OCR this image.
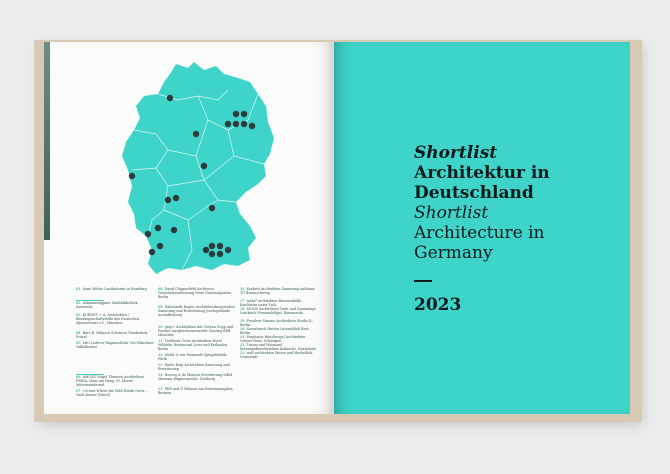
01 Isaac Weber Landratsamt in Hamburg
02 allmannwappner Stadtbibliothek Karlsruhe
03 KUEHNT + A. Architekten / Bundesgeschäftsstelle des Deutschen Alpenvereins e.V., München
04 Büro B. Pallasch Schwarze Pinakothek, Pritzel
05 LRO Lederer Ragnarsdóttir Oei Münchner Volkstheater
06 AMUNT Nagel Theissen Architekten FRIDA, Haus am Hang, St. Moritz Mitwenrenbrund
07 c.b.nies Where the Wild Words Grow ... Groß Kreutz (Havel)
08 David Chipperfield Architects Grundinstandsetzung Neue Nationalgalerie, Berlin
09 Dähnhardt Engler Architekturkooperative Sanierung und Erweiterung Josefsgebäude Aschaffenburg
10 grop+ Architekten mit Gorban Dopp und Partner Ausgleichsuniversität Gauting BPB, München
11 Trebbesh Grote Architekten Hotel Wilhelm, Restaurant Lovis und Parksalon, Berlin
12 Meltd & von Ferinnadt Spiegelfabrik, Fürth
13 Emler Kolp Architekten Sanierung und Erweiterung
14 Herzog & de Meuron Erweiterung MKM Museum Küppersmühle, Duisburg
15 PHS und D Wohnen am Dobermannplatz, Bremen
16 Kreketo Architekten Sanierung Audimax TU Braunschweig
17 mehr* architekten Brunnenhalle, Kirchheim unter Teck
18 MOOD Architekten Tank- und Kantanlage Leutkirch Fürstenfeldgel, Rimsmerda
19 Prosilver Simone Architekten Studio IL, Berlin
20 Sauerbruch Hutton Lutzenblick West, Berlin
21 Stephanie Hirschvogel Architekten Grünes Haus, Schwägen
22 Traum und Wasmund Rettungsdienstfamilien Kokusche, Buxtehude
23 wolf architekten Messe und Mediathek, Darmstadt
Shortlist
Architektur in
Deutschland
Shortlist
Architecture in
Germany
2023
